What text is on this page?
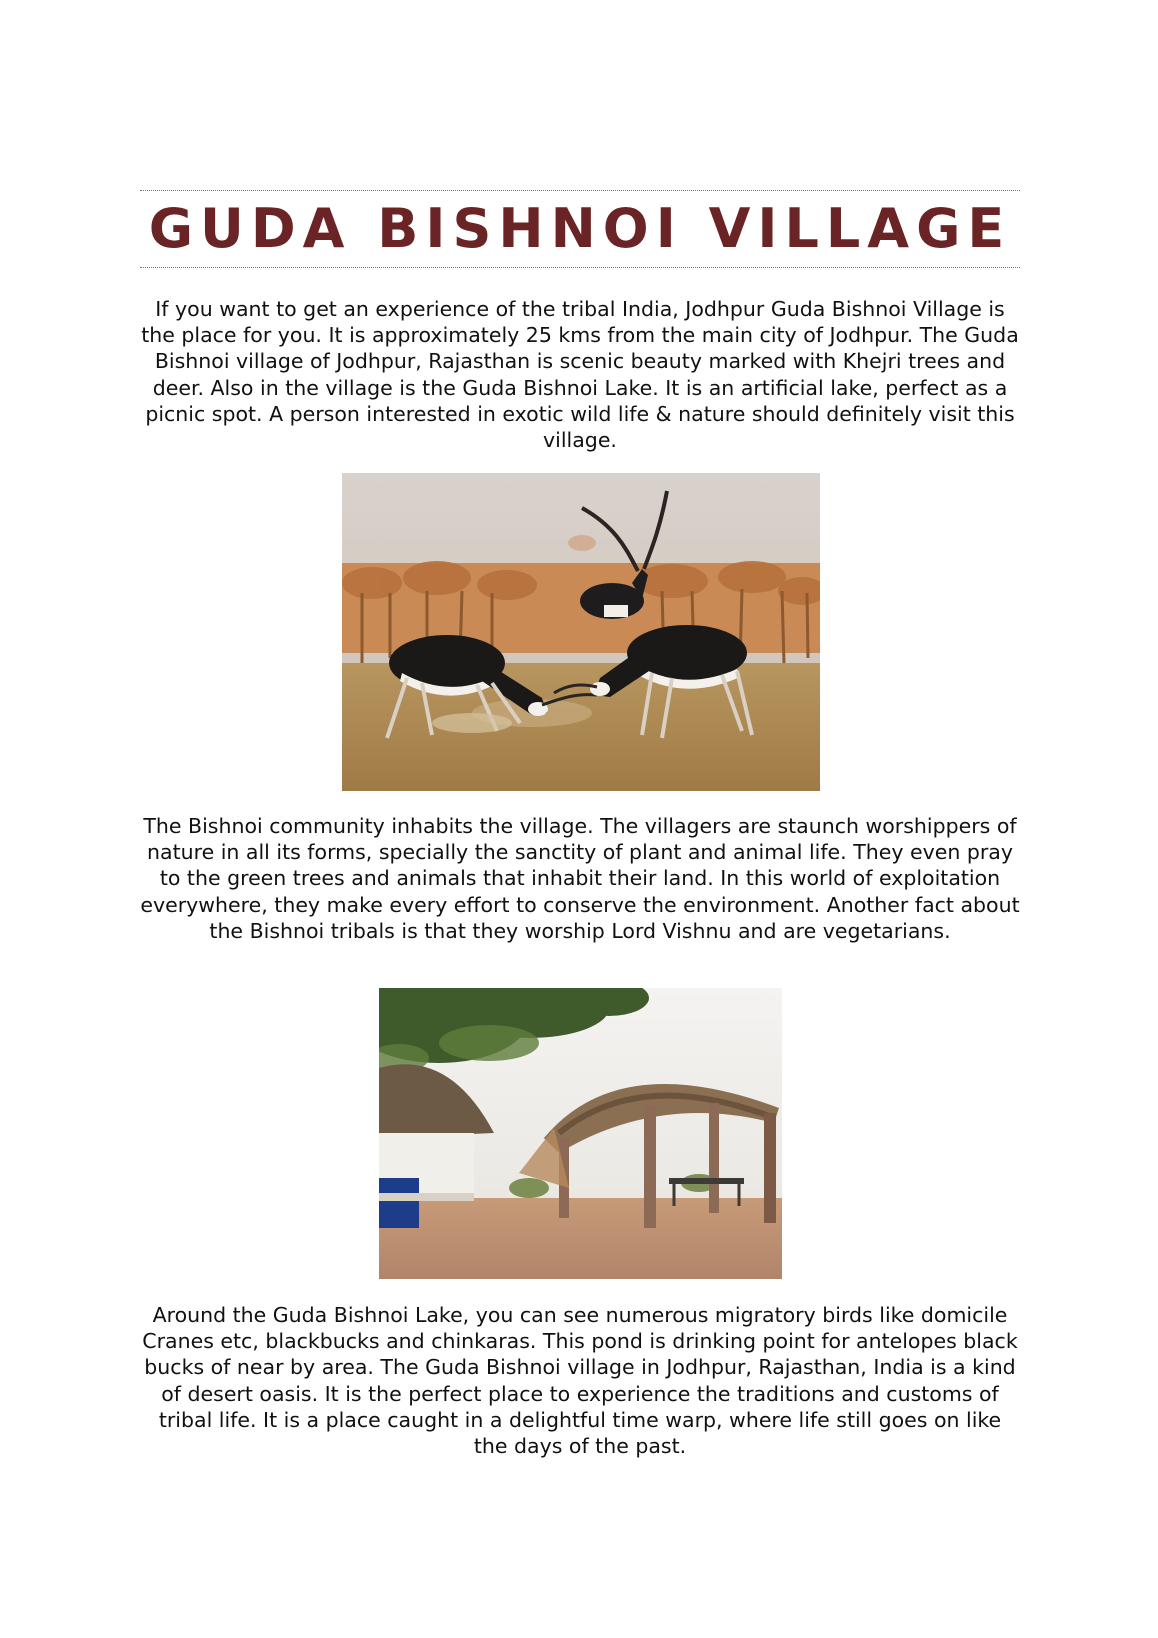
GUDA BISHNOI VILLAGE

If you want to get an experience of the tribal India, Jodhpur Guda Bishnoi Village is the place for you. It is approximately 25 kms from the main city of Jodhpur. The Guda Bishnoi village of Jodhpur, Rajasthan is scenic beauty marked with Khejri trees and deer. Also in the village is the Guda Bishnoi Lake. It is an artificial lake, perfect as a picnic spot. A person interested in exotic wild life & nature should definitely visit this village.

The Bishnoi community inhabits the village. The villagers are staunch worshippers of nature in all its forms, specially the sanctity of plant and animal life. They even pray to the green trees and animals that inhabit their land. In this world of exploitation everywhere, they make every effort to conserve the environment. Another fact about the Bishnoi tribals is that they worship Lord Vishnu and are vegetarians.

Around the Guda Bishnoi Lake, you can see numerous migratory birds like domicile Cranes etc, blackbucks and chinkaras. This pond is drinking point for antelopes black bucks of near by area. The Guda Bishnoi village in Jodhpur, Rajasthan, India is a kind of desert oasis. It is the perfect place to experience the traditions and customs of tribal life. It is a place caught in a delightful time warp, where life still goes on like the days of the past.
